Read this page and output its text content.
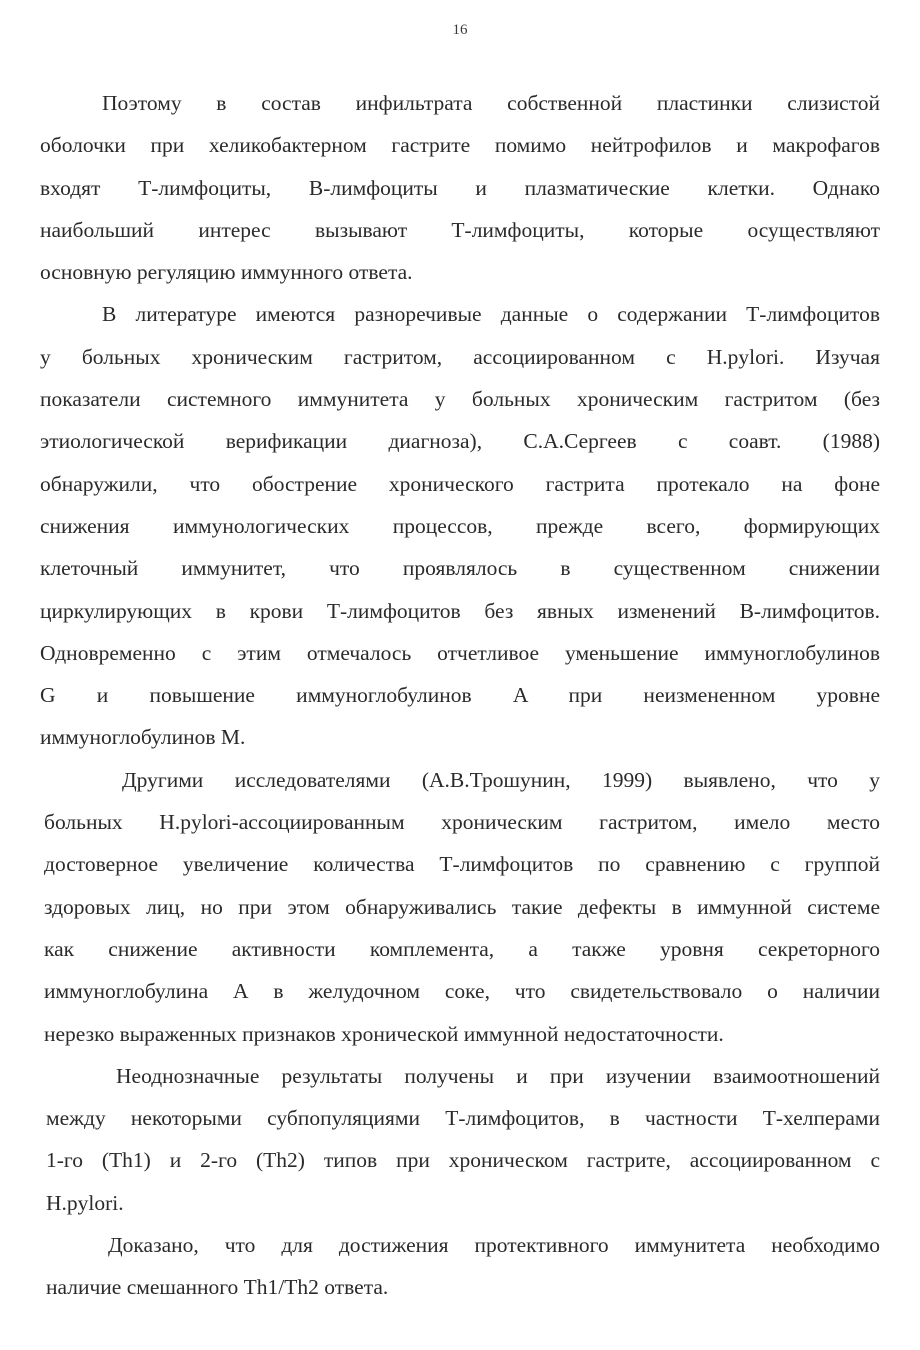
16
Поэтому в состав инфильтрата собственной пластинки слизистой
оболочки при хеликобактерном гастрите помимо нейтрофилов и макрофагов
входят Т-лимфоциты, В-лимфоциты и плазматические клетки. Однако
наибольший интерес вызывают Т-лимфоциты, которые осуществляют
основную регуляцию иммунного ответа.
В литературе имеются разноречивые данные о содержании Т-лимфоцитов
у больных хроническим гастритом, ассоциированном с H.pylori. Изучая
показатели системного иммунитета у больных хроническим гастритом (без
этиологической верификации диагноза), С.А.Сергеев с соавт. (1988)
обнаружили, что обострение хронического гастрита протекало на фоне
снижения иммунологических процессов, прежде всего, формирующих
клеточный иммунитет, что проявлялось в существенном снижении
циркулирующих в крови Т-лимфоцитов без явных изменений В-лимфоцитов.
Одновременно с этим отмечалось отчетливое уменьшение иммуноглобулинов
G и повышение иммуноглобулинов A при неизмененном уровне
иммуноглобулинов М.
Другими исследователями (А.В.Трошунин, 1999) выявлено, что у
больных H.pylori-ассоциированным хроническим гастритом, имело место
достоверное увеличение количества Т-лимфоцитов по сравнению с группой
здоровых лиц, но при этом обнаруживались такие дефекты в иммунной системе
как снижение активности комплемента, а также уровня секреторного
иммуноглобулина А в желудочном соке, что свидетельствовало о наличии
нерезко выраженных признаков хронической иммунной недостаточности.
Неоднозначные результаты получены и при изучении взаимоотношений
между некоторыми субпопуляциями Т-лимфоцитов, в частности Т-хелперами
1-го (Th1) и 2-го (Th2) типов при хроническом гастрите, ассоциированном с
H.pylori.
Доказано, что для достижения протективного иммунитета необходимо
наличие смешанного Th1/Th2 ответа.
